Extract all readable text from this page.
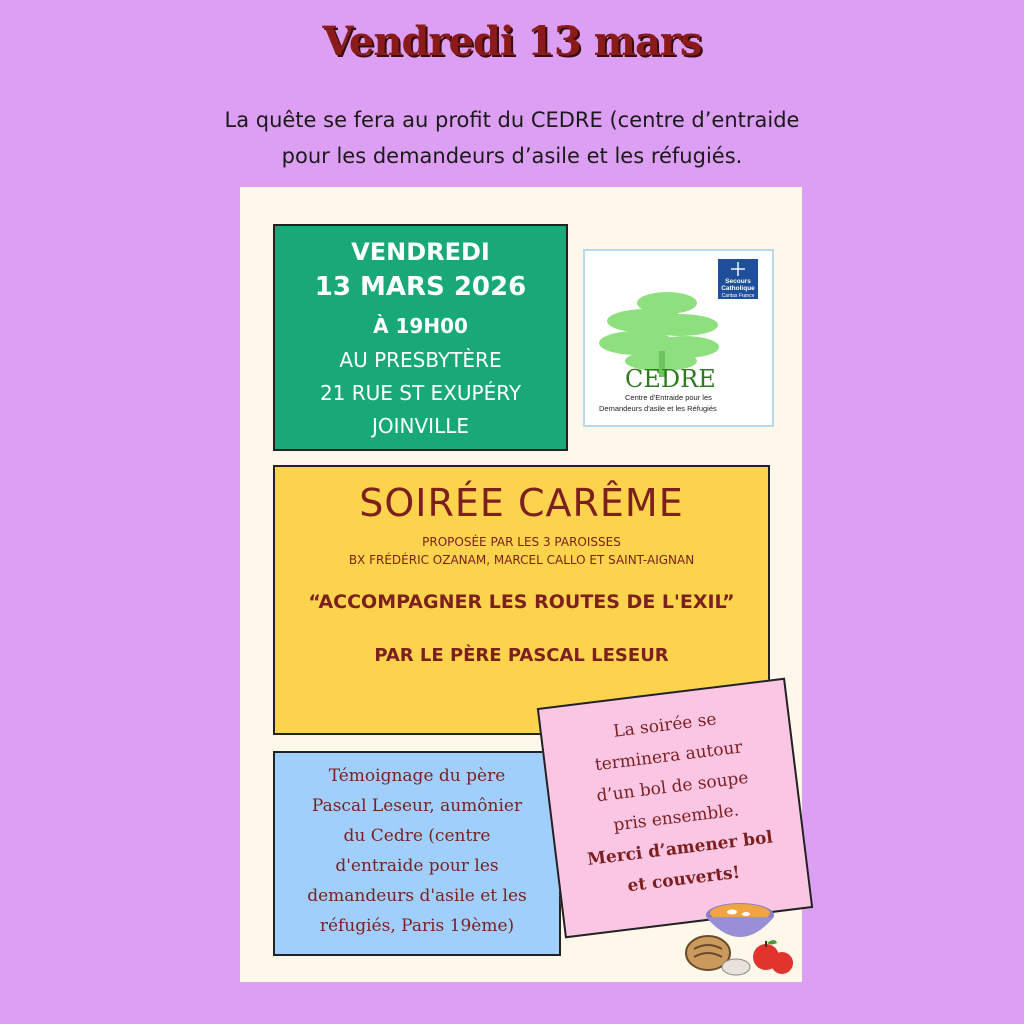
Vendredi 13 mars
La quête se fera au profit du CEDRE (centre d’entraide
pour les demandeurs d’asile et les réfugiés.
VENDREDI
13 MARS 2026
À 19H00
AU PRESBYTÈRE
21 RUE ST EXUPÉRY
JOINVILLE
Secours
Catholique
Caritas France
CEDRE
Centre d'Entraide pour les
Demandeurs d'asile et les Réfugiés
SOIRÉE CARÊME
PROPOSÉE PAR LES 3 PAROISSES
BX FRÉDÉRIC OZANAM, MARCEL CALLO ET SAINT-AIGNAN
“ACCOMPAGNER LES ROUTES DE L'EXIL”
PAR LE PÈRE PASCAL LESEUR
Témoignage du père
Pascal Leseur, aumônier
du Cedre (centre
d'entraide pour les
demandeurs d'asile et les
réfugiés, Paris 19ème)
La soirée se
terminera autour
d’un bol de soupe
pris ensemble.
Merci d’amener bol
et couverts!
